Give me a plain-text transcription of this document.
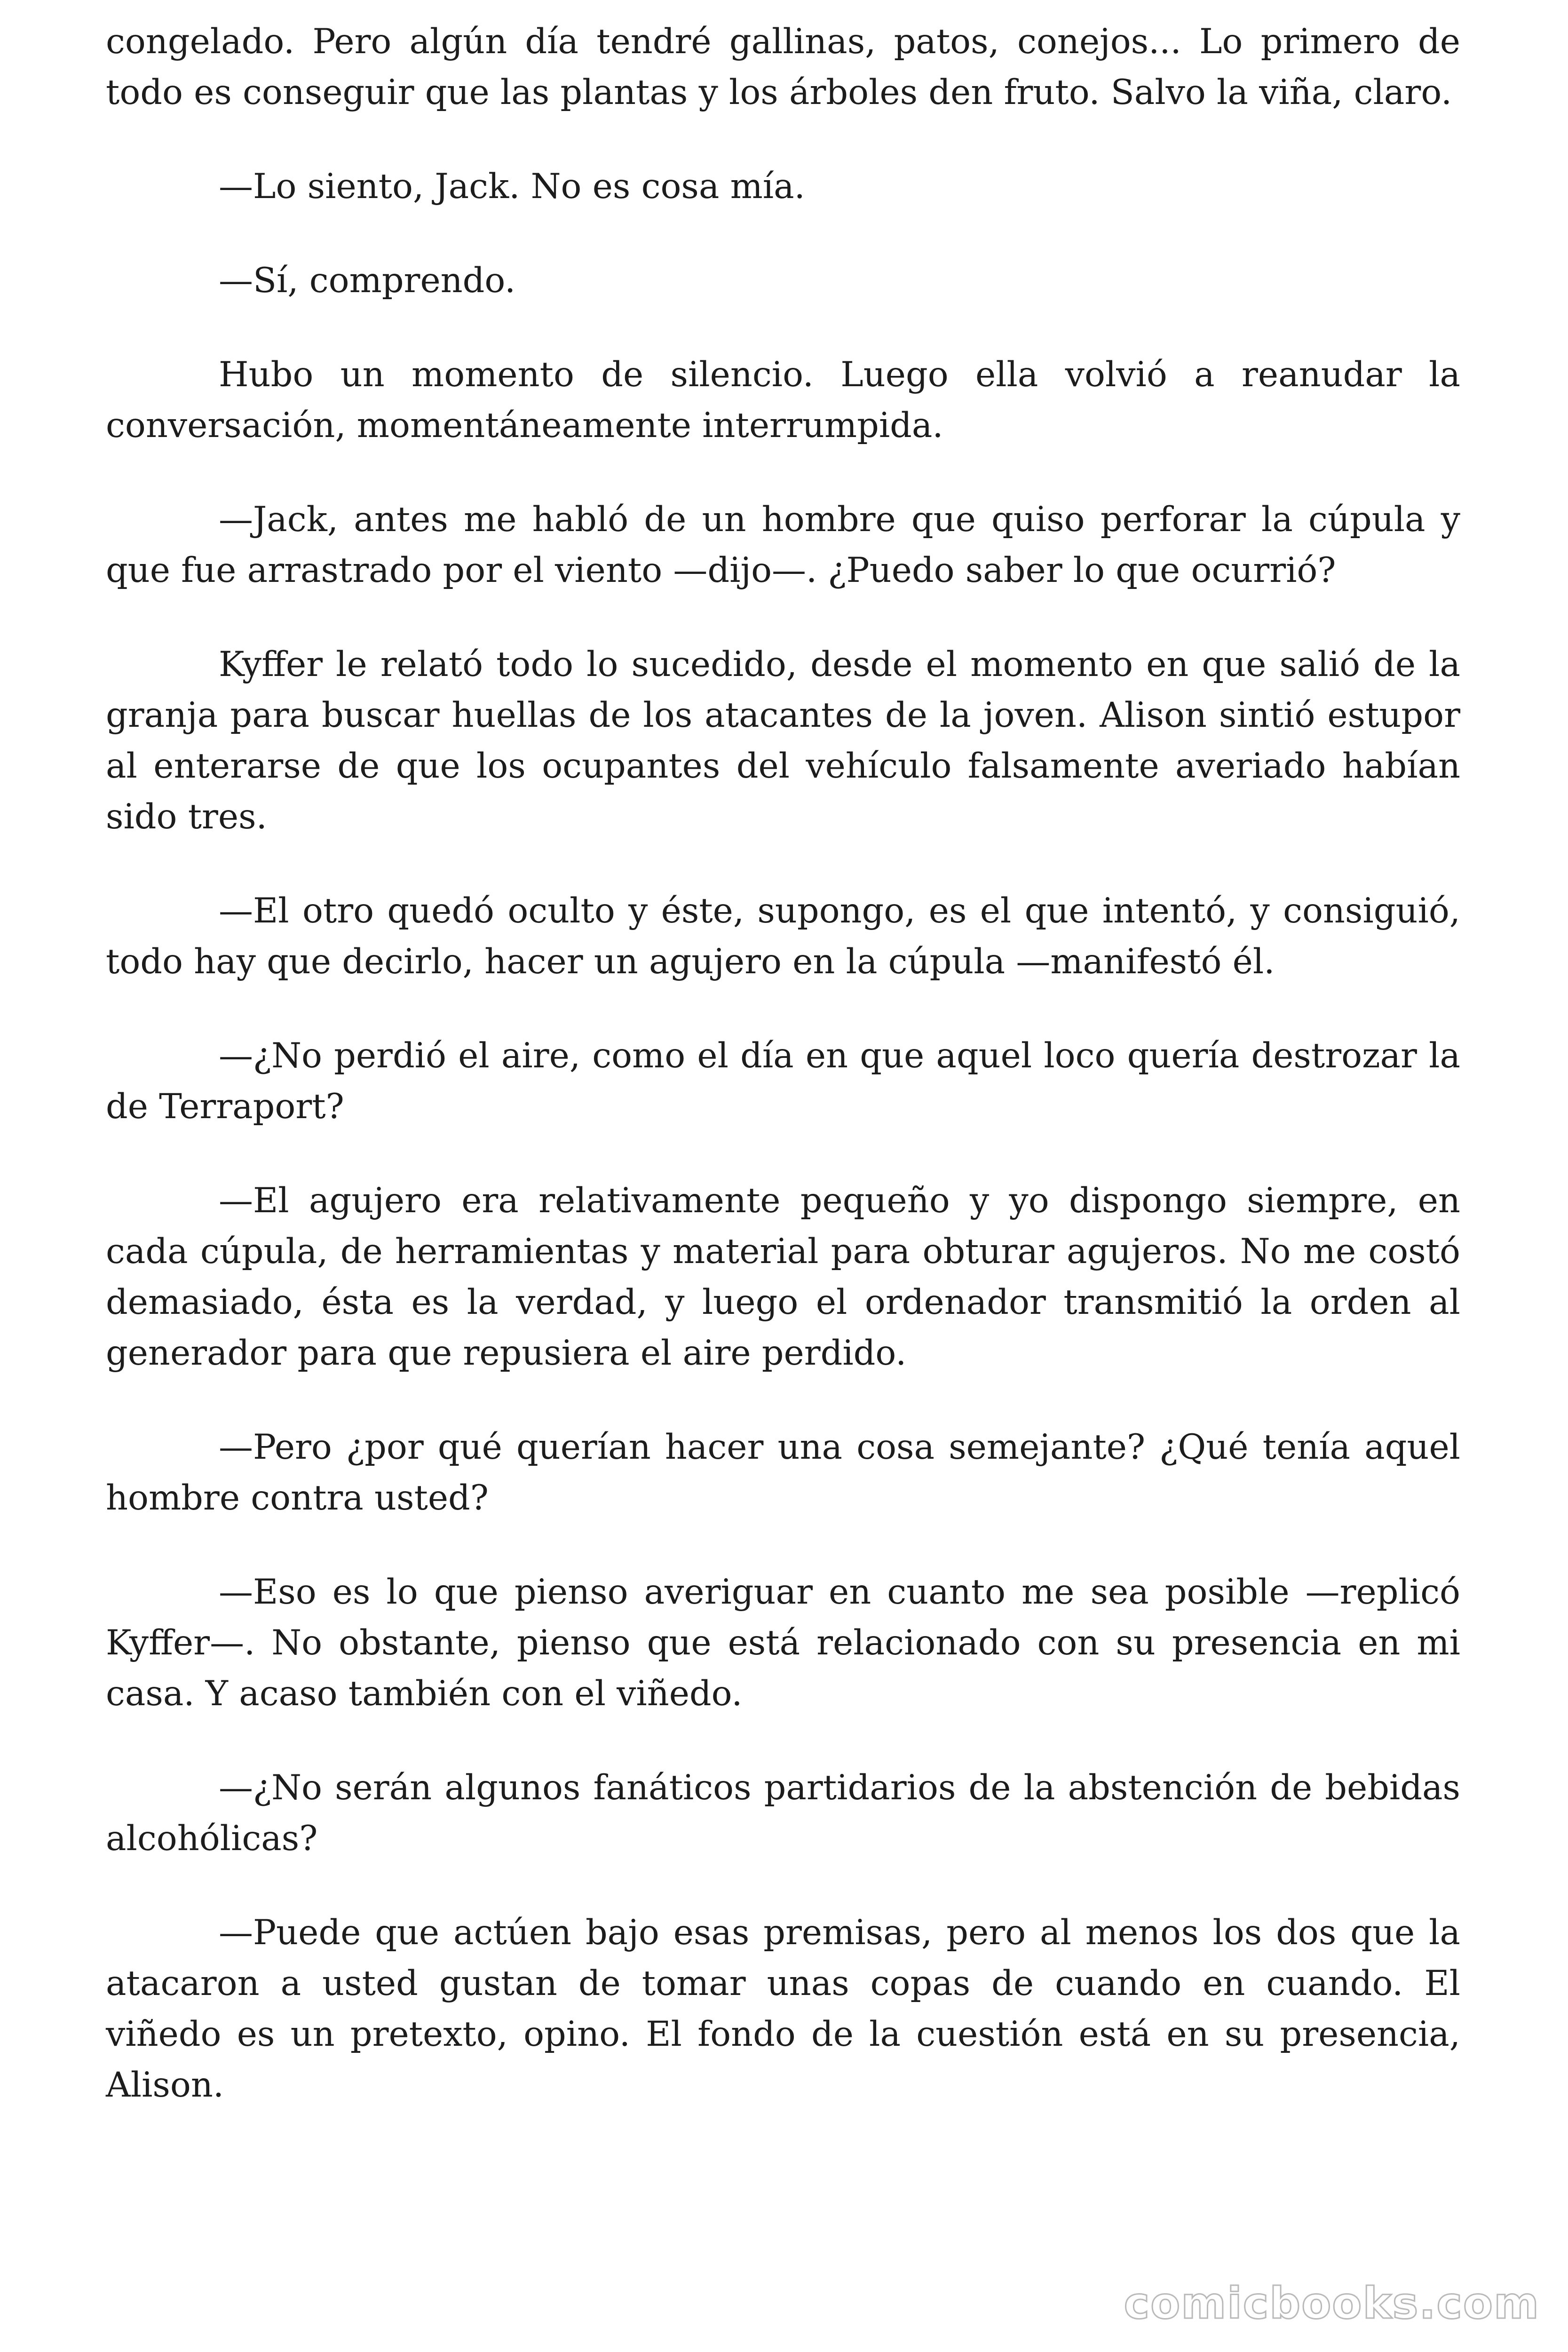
congelado. Pero algún día tendré gallinas, patos, conejos... Lo primero de todo es conseguir que las plantas y los árboles den fruto. Salvo la viña, claro.

—Lo siento, Jack. No es cosa mía.

—Sí, comprendo.

Hubo un momento de silencio. Luego ella volvió a reanudar la conversación, momentáneamente interrumpida.

—Jack, antes me habló de un hombre que quiso perforar la cúpula y que fue arrastrado por el viento —dijo—. ¿Puedo saber lo que ocurrió?

Kyffer le relató todo lo sucedido, desde el momento en que salió de la granja para buscar huellas de los atacantes de la joven. Alison sintió estupor al enterarse de que los ocupantes del vehículo falsamente averiado habían sido tres.

—El otro quedó oculto y éste, supongo, es el que intentó, y consiguió, todo hay que decirlo, hacer un agujero en la cúpula —manifestó él.

—¿No perdió el aire, como el día en que aquel loco quería destrozar la de Terraport?

—El agujero era relativamente pequeño y yo dispongo siempre, en cada cúpula, de herramientas y material para obturar agujeros. No me costó demasiado, ésta es la verdad, y luego el ordenador transmitió la orden al generador para que repusiera el aire perdido.

—Pero ¿por qué querían hacer una cosa semejante? ¿Qué tenía aquel hombre contra usted?

—Eso es lo que pienso averiguar en cuanto me sea posible —replicó Kyffer—. No obstante, pienso que está relacionado con su presencia en mi casa. Y acaso también con el viñedo.

—¿No serán algunos fanáticos partidarios de la abstención de bebidas alcohólicas?

—Puede que actúen bajo esas premisas, pero al menos los dos que la atacaron a usted gustan de tomar unas copas de cuando en cuando. El viñedo es un pretexto, opino. El fondo de la cuestión está en su presencia, Alison.

comicbooks.com
